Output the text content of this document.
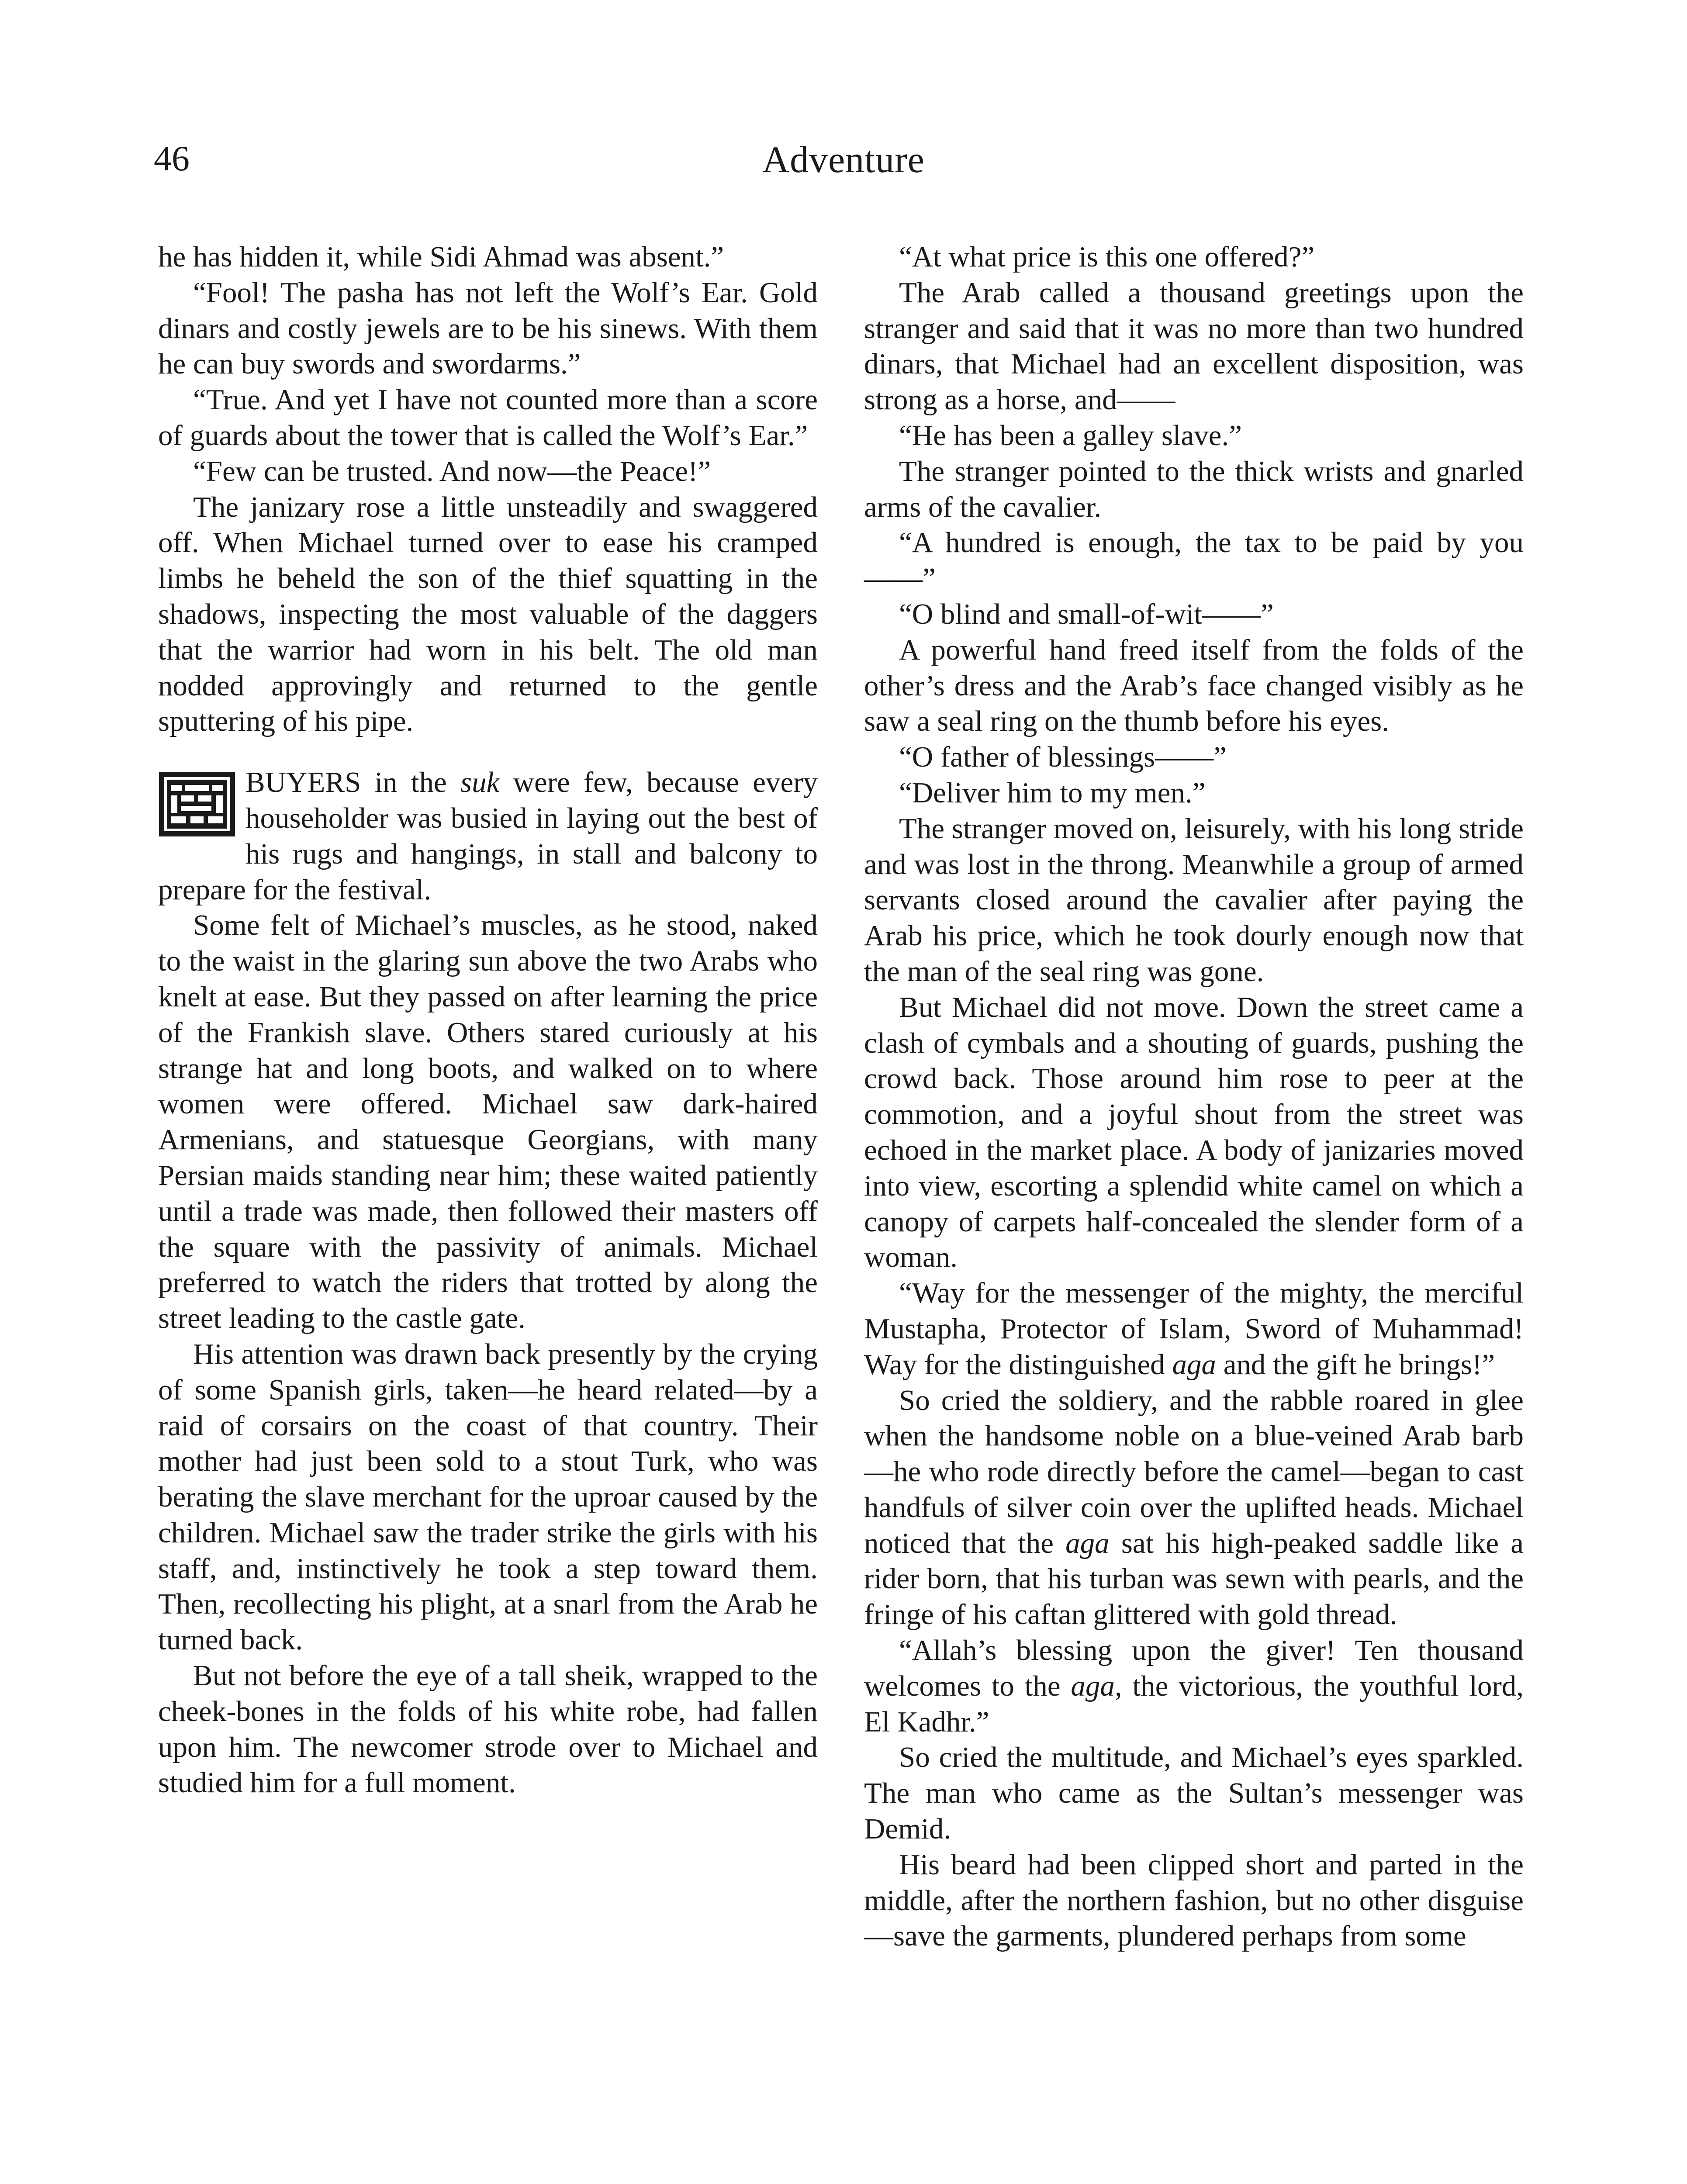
46	Adventure

he has hidden it, while Sidi Ahmad was absent.”

“Fool! The pasha has not left the Wolf’s Ear. Gold dinars and costly jewels are to be his sinews. With them he can buy swords and swordarms.”

“True. And yet I have not counted more than a score of guards about the tower that is called the Wolf’s Ear.”

“Few can be trusted. And now—the Peace!”

The janizary rose a little unsteadily and swaggered off. When Michael turned over to ease his cramped limbs he beheld the son of the thief squatting in the shadows, inspecting the most valuable of the daggers that the warrior had worn in his belt. The old man nodded approvingly and returned to the gentle sputtering of his pipe.

BUYERS in the suk were few, because every householder was busied in laying out the best of his rugs and hangings, in stall and balcony to prepare for the festival.

Some felt of Michael’s muscles, as he stood, naked to the waist in the glaring sun above the two Arabs who knelt at ease. But they passed on after learning the price of the Frankish slave. Others stared curiously at his strange hat and long boots, and walked on to where women were offered. Michael saw dark-haired Armenians, and statuesque Georgians, with many Persian maids standing near him; these waited patiently until a trade was made, then followed their masters off the square with the passivity of animals. Michael preferred to watch the riders that trotted by along the street leading to the castle gate.

His attention was drawn back presently by the crying of some Spanish girls, taken—he heard related—by a raid of corsairs on the coast of that country. Their mother had just been sold to a stout Turk, who was berating the slave merchant for the uproar caused by the children. Michael saw the trader strike the girls with his staff, and, instinctively he took a step toward them. Then, recollecting his plight, at a snarl from the Arab he turned back.

But not before the eye of a tall sheik, wrapped to the cheek-bones in the folds of his white robe, had fallen upon him. The newcomer strode over to Michael and studied him for a full moment.

“At what price is this one offered?”

The Arab called a thousand greetings upon the stranger and said that it was no more than two hundred dinars, that Michael had an excellent disposition, was strong as a horse, and——

“He has been a galley slave.”

The stranger pointed to the thick wrists and gnarled arms of the cavalier.

“A hundred is enough, the tax to be paid by you——”

“O blind and small-of-wit——”

A powerful hand freed itself from the folds of the other’s dress and the Arab’s face changed visibly as he saw a seal ring on the thumb before his eyes.

“O father of blessings——”

“Deliver him to my men.”

The stranger moved on, leisurely, with his long stride and was lost in the throng. Meanwhile a group of armed servants closed around the cavalier after paying the Arab his price, which he took dourly enough now that the man of the seal ring was gone.

But Michael did not move. Down the street came a clash of cymbals and a shouting of guards, pushing the crowd back. Those around him rose to peer at the commotion, and a joyful shout from the street was echoed in the market place. A body of janizaries moved into view, escorting a splendid white camel on which a canopy of carpets half-concealed the slender form of a woman.

“Way for the messenger of the mighty, the merciful Mustapha, Protector of Islam, Sword of Muhammad! Way for the distinguished aga and the gift he brings!”

So cried the soldiery, and the rabble roared in glee when the handsome noble on a blue-veined Arab barb—he who rode directly before the camel—began to cast handfuls of silver coin over the uplifted heads. Michael noticed that the aga sat his high-peaked saddle like a rider born, that his turban was sewn with pearls, and the fringe of his caftan glittered with gold thread.

“Allah’s blessing upon the giver! Ten thousand welcomes to the aga, the victorious, the youthful lord, El Kadhr.”

So cried the multitude, and Michael’s eyes sparkled. The man who came as the Sultan’s messenger was Demid.

His beard had been clipped short and parted in the middle, after the northern fashion, but no other disguise—save the garments, plundered perhaps from some
